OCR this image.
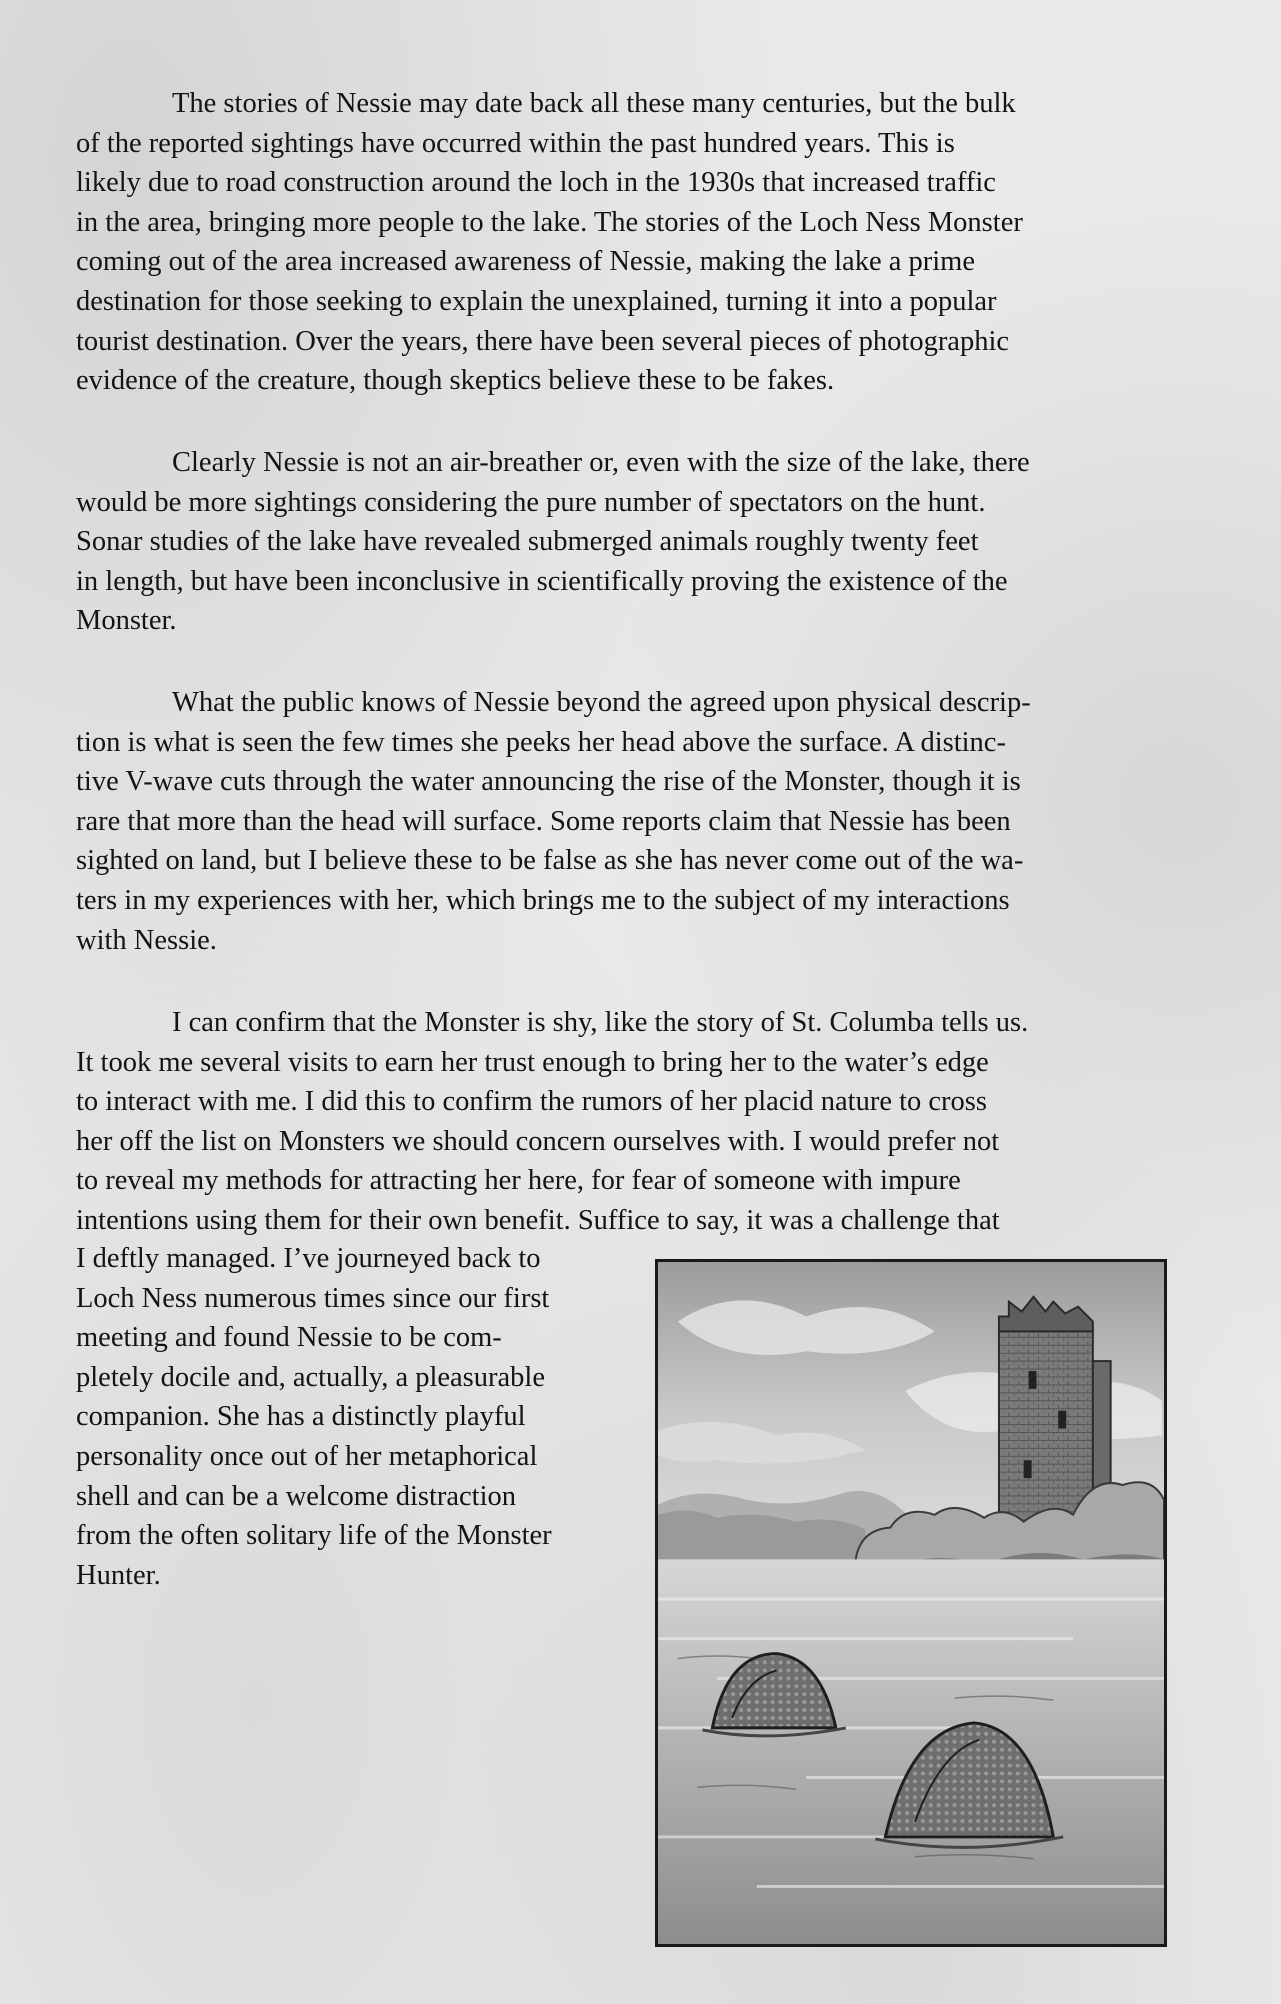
The stories of Nessie may date back all these many centuries, but the bulk
of the reported sightings have occurred within the past hundred years. This is
likely due to road construction around the loch in the 1930s that increased traffic
in the area, bringing more people to the lake. The stories of the Loch Ness Monster
coming out of the area increased awareness of Nessie, making the lake a prime
destination for those seeking to explain the unexplained, turning it into a popular
tourist destination. Over the years, there have been several pieces of photographic
evidence of the creature, though skeptics believe these to be fakes.
Clearly Nessie is not an air-breather or, even with the size of the lake, there
would be more sightings considering the pure number of spectators on the hunt.
Sonar studies of the lake have revealed submerged animals roughly twenty feet
in length, but have been inconclusive in scientifically proving the existence of the
Monster.
What the public knows of Nessie beyond the agreed upon physical descrip-
tion is what is seen the few times she peeks her head above the surface. A distinc-
tive V-wave cuts through the water announcing the rise of the Monster, though it is
rare that more than the head will surface. Some reports claim that Nessie has been
sighted on land, but I believe these to be false as she has never come out of the wa-
ters in my experiences with her, which brings me to the subject of my interactions
with Nessie.
I can confirm that the Monster is shy, like the story of St. Columba tells us.
It took me several visits to earn her trust enough to bring her to the water’s edge
to interact with me. I did this to confirm the rumors of her placid nature to cross
her off the list on Monsters we should concern ourselves with. I would prefer not
to reveal my methods for attracting her here, for fear of someone with impure
intentions using them for their own benefit. Suffice to say, it was a challenge that
I deftly managed. I’ve journeyed back to
Loch Ness numerous times since our first
meeting and found Nessie to be com-
pletely docile and, actually, a pleasurable
companion. She has a distinctly playful
personality once out of her metaphorical
shell and can be a welcome distraction
from the often solitary life of the Monster
Hunter.
